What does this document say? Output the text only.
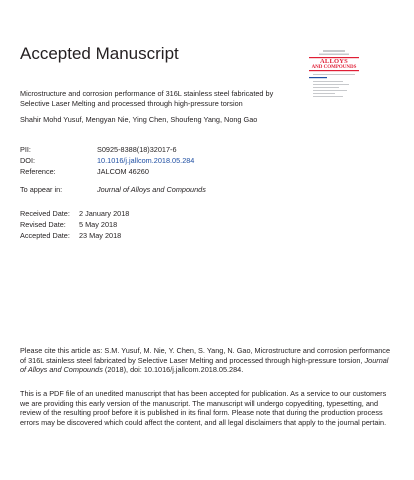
Accepted Manuscript	ALLOYS
AND COMPOUNDS
Microstructure and corrosion performance of 316L stainless steel fabricated by Selective Laser Melting and processed through high-pressure torsion
Shahir Mohd Yusuf, Mengyan Nie, Ying Chen, Shoufeng Yang, Nong Gao
PII:	S0925-8388(18)32017-6
DOI:	10.1016/j.jallcom.2018.05.284
Reference:	JALCOM 46260
To appear in:	Journal of Alloys and Compounds
Received Date: 2 January 2018
Revised Date: 5 May 2018
Accepted Date: 23 May 2018
Please cite this article as: S.M. Yusuf, M. Nie, Y. Chen, S. Yang, N. Gao, Microstructure and corrosion performance of 316L stainless steel fabricated by Selective Laser Melting and processed through high-pressure torsion, Journal of Alloys and Compounds (2018), doi: 10.1016/j.jallcom.2018.05.284.
This is a PDF file of an unedited manuscript that has been accepted for publication. As a service to our customers we are providing this early version of the manuscript. The manuscript will undergo copyediting, typesetting, and review of the resulting proof before it is published in its final form. Please note that during the production process errors may be discovered which could affect the content, and all legal disclaimers that apply to the journal pertain.
